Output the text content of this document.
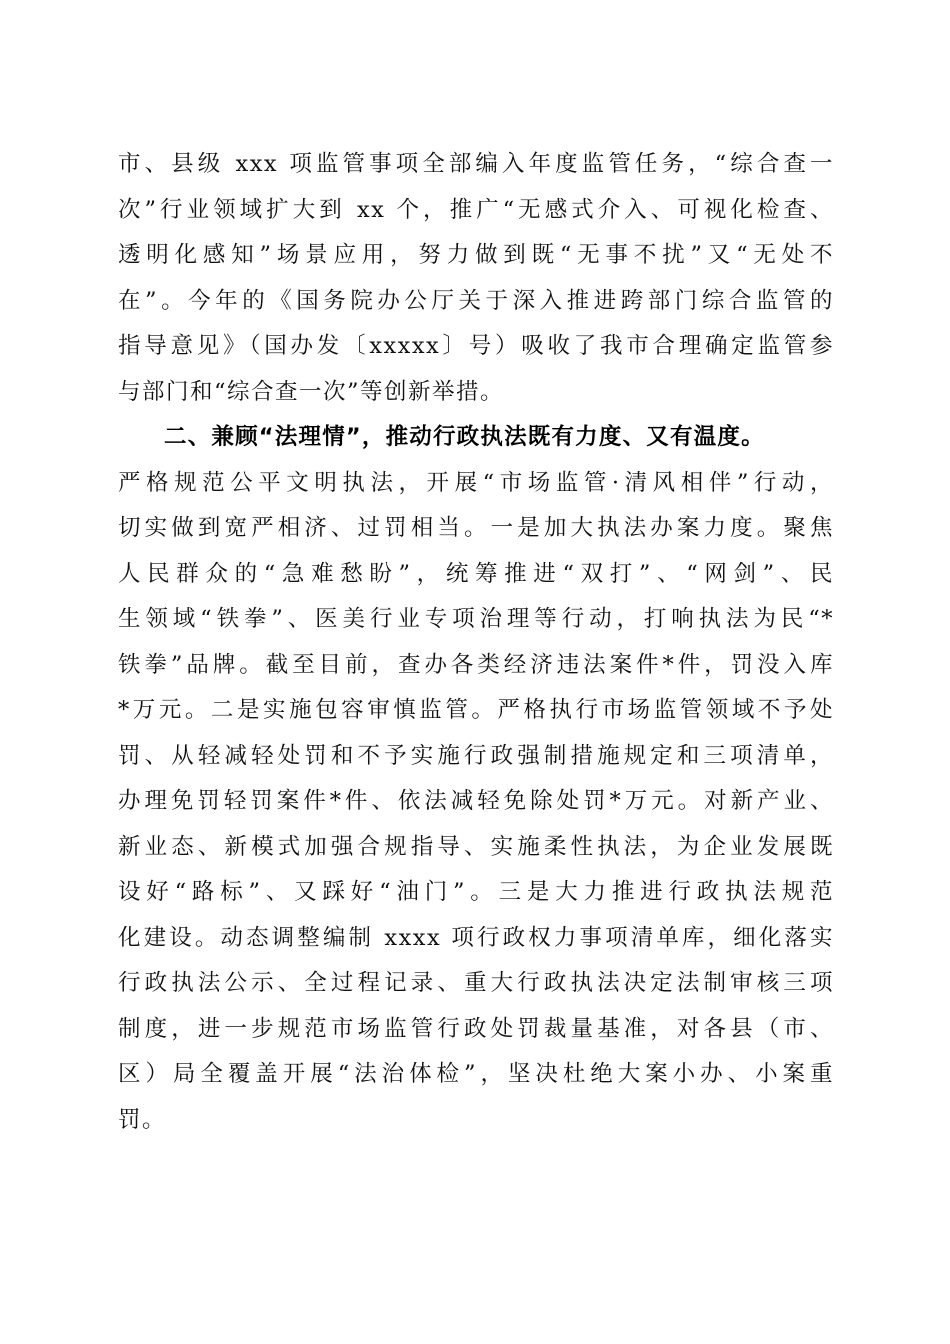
市、县级 xxx 项监管事项全部编入年度监管任务，“综合查一
次”行业领域扩大到 xx 个，推广“无感式介入、可视化检查、
透明化感知”场景应用，努力做到既“无事不扰”又“无处不
在”。今年的《国务院办公厅关于深入推进跨部门综合监管的
指导意见》（国办发〔xxxxx〕号）吸收了我市合理确定监管参
与部门和“综合查一次”等创新举措。
二、兼顾“法理情”，推动行政执法既有力度、又有温度。
严格规范公平文明执法，开展“市场监管·清风相伴”行动，
切实做到宽严相济、过罚相当。一是加大执法办案力度。聚焦
人民群众的“急难愁盼”，统筹推进“双打”、“网剑”、民
生领域“铁拳”、医美行业专项治理等行动，打响执法为民“*
铁拳”品牌。截至目前，查办各类经济违法案件*件，罚没入库
*万元。二是实施包容审慎监管。严格执行市场监管领域不予处
罚、从轻减轻处罚和不予实施行政强制措施规定和三项清单，
办理免罚轻罚案件*件、依法减轻免除处罚*万元。对新产业、
新业态、新模式加强合规指导、实施柔性执法，为企业发展既
设好“路标”、又踩好“油门”。三是大力推进行政执法规范
化建设。动态调整编制 xxxx 项行政权力事项清单库，细化落实
行政执法公示、全过程记录、重大行政执法决定法制审核三项
制度，进一步规范市场监管行政处罚裁量基准，对各县（市、
区）局全覆盖开展“法治体检”，坚决杜绝大案小办、小案重
罚。
